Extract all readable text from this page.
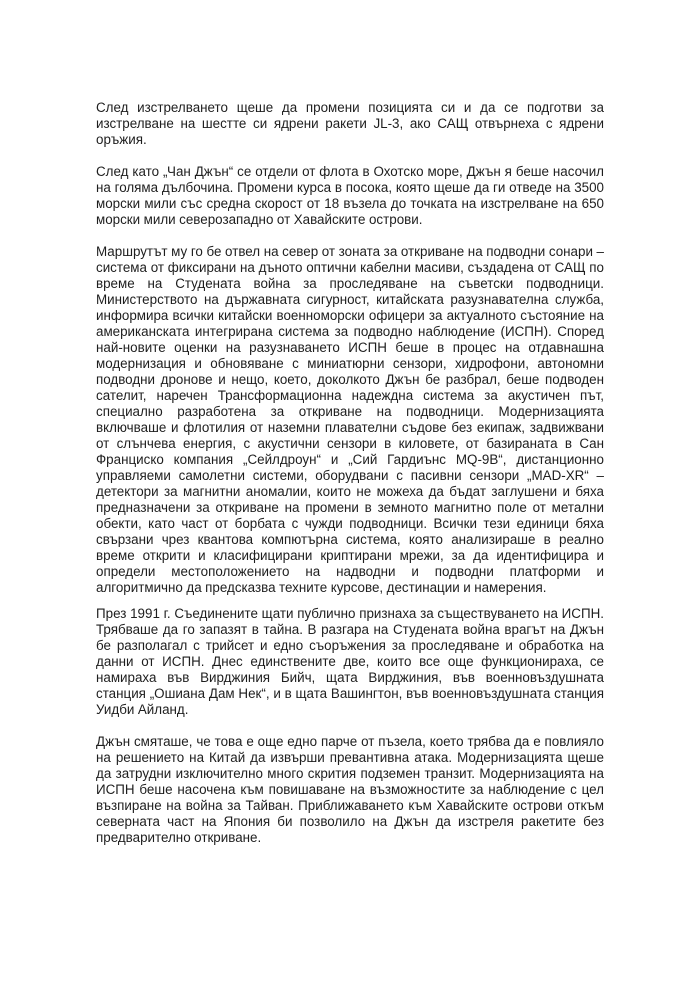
След изстрелването щеше да промени позицията си и да се подготви за изстрелване на шестте си ядрени ракети JL-3, ако САЩ отвърнеха с ядрени оръжия.

След като „Чан Джън“ се отдели от флота в Охотско море, Джън я беше насочил на голяма дълбочина. Промени курса в посока, която щеше да ги отведе на 3500 морски мили със средна скорост от 18 възела до точката на изстрелване на 650 морски мили северозападно от Хавайските острови.

Маршрутът му го бе отвел на север от зоната за откриване на подводни сонари – система от фиксирани на дъното оптични кабелни масиви, създадена от САЩ по време на Студената война за проследяване на съветски подводници. Министерството на държавната сигурност, китайската разузнавателна служба, информира всички китайски военноморски офицери за актуалното състояние на американската интегрирана система за подводно наблюдение (ИСПН). Според най-новите оценки на разузнаването ИСПН беше в процес на отдавнашна модернизация и обновяване с миниатюрни сензори, хидрофони, автономни подводни дронове и нещо, което, доколкото Джън бе разбрал, беше подводен сателит, наречен Трансформационна надеждна система за акустичен път, специално разработена за откриване на подводници. Модернизацията включваше и флотилия от наземни плавателни съдове без екипаж, задвижвани от слънчева енергия, с акустични сензори в киловете, от базираната в Сан Франциско компания „Сейлдроун“ и „Сий Гардиънс MQ-9B“, дистанционно управляеми самолетни системи, оборудвани с пасивни сензори „MAD-XR“ – детектори за магнитни аномалии, които не можеха да бъдат заглушени и бяха предназначени за откриване на промени в земното магнитно поле от метални обекти, като част от борбата с чужди подводници. Всички тези единици бяха свързани чрез квантова компютърна система, която анализираше в реално време открити и класифицирани криптирани мрежи, за да идентифицира и определи местоположението на надводни и подводни платформи и алгоритмично да предсказва техните курсове, дестинации и намерения.

През 1991 г. Съединените щати публично признаха за съществуването на ИСПН. Трябваше да го запазят в тайна. В разгара на Студената война врагът на Джън бе разполагал с трийсет и едно съоръжения за проследяване и обработка на данни от ИСПН. Днес единствените две, които все още функционираха, се намираха във Вирджиния Бийч, щата Вирджиния, във военновъздушната станция „Ошиана Дам Нек“, и в щата Вашингтон, във военновъздушната станция Уидби Айланд.

Джън смяташе, че това е още едно парче от пъзела, което трябва да е повлияло на решението на Китай да извърши превантивна атака. Модернизацията щеше да затрудни изключително много скрития подземен транзит. Модернизацията на ИСПН беше насочена към повишаване на възможностите за наблюдение с цел възпиране на война за Тайван. Приближаването към Хавайските острови откъм северната част на Япония би позволило на Джън да изстреля ракетите без предварително откриване.
